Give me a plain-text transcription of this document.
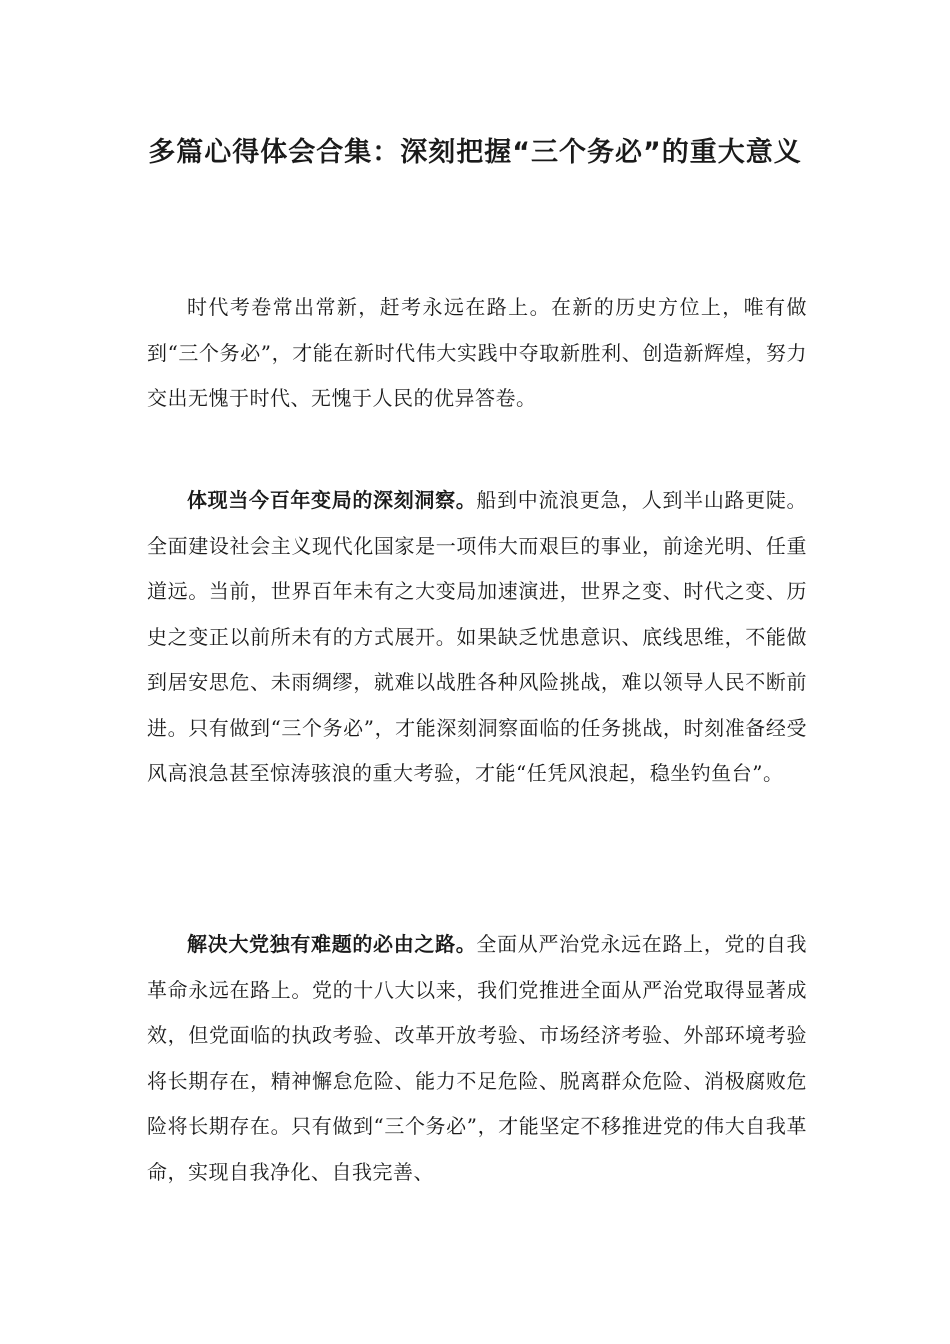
多篇心得体会合集：深刻把握“三个务必”的重大意义

时代考卷常出常新，赶考永远在路上。在新的历史方位上，唯有做到“三个务必”，才能在新时代伟大实践中夺取新胜利、创造新辉煌，努力交出无愧于时代、无愧于人民的优异答卷。

体现当今百年变局的深刻洞察。船到中流浪更急，人到半山路更陡。全面建设社会主义现代化国家是一项伟大而艰巨的事业，前途光明、任重道远。当前，世界百年未有之大变局加速演进，世界之变、时代之变、历史之变正以前所未有的方式展开。如果缺乏忧患意识、底线思维，不能做到居安思危、未雨绸缪，就难以战胜各种风险挑战，难以领导人民不断前进。只有做到“三个务必”，才能深刻洞察面临的任务挑战，时刻准备经受风高浪急甚至惊涛骇浪的重大考验，才能“任凭风浪起，稳坐钓鱼台”。

解决大党独有难题的必由之路。全面从严治党永远在路上，党的自我革命永远在路上。党的十八大以来，我们党推进全面从严治党取得显著成效，但党面临的执政考验、改革开放考验、市场经济考验、外部环境考验将长期存在，精神懈怠危险、能力不足危险、脱离群众危险、消极腐败危险将长期存在。只有做到“三个务必”，才能坚定不移推进党的伟大自我革命，实现自我净化、自我完善、
